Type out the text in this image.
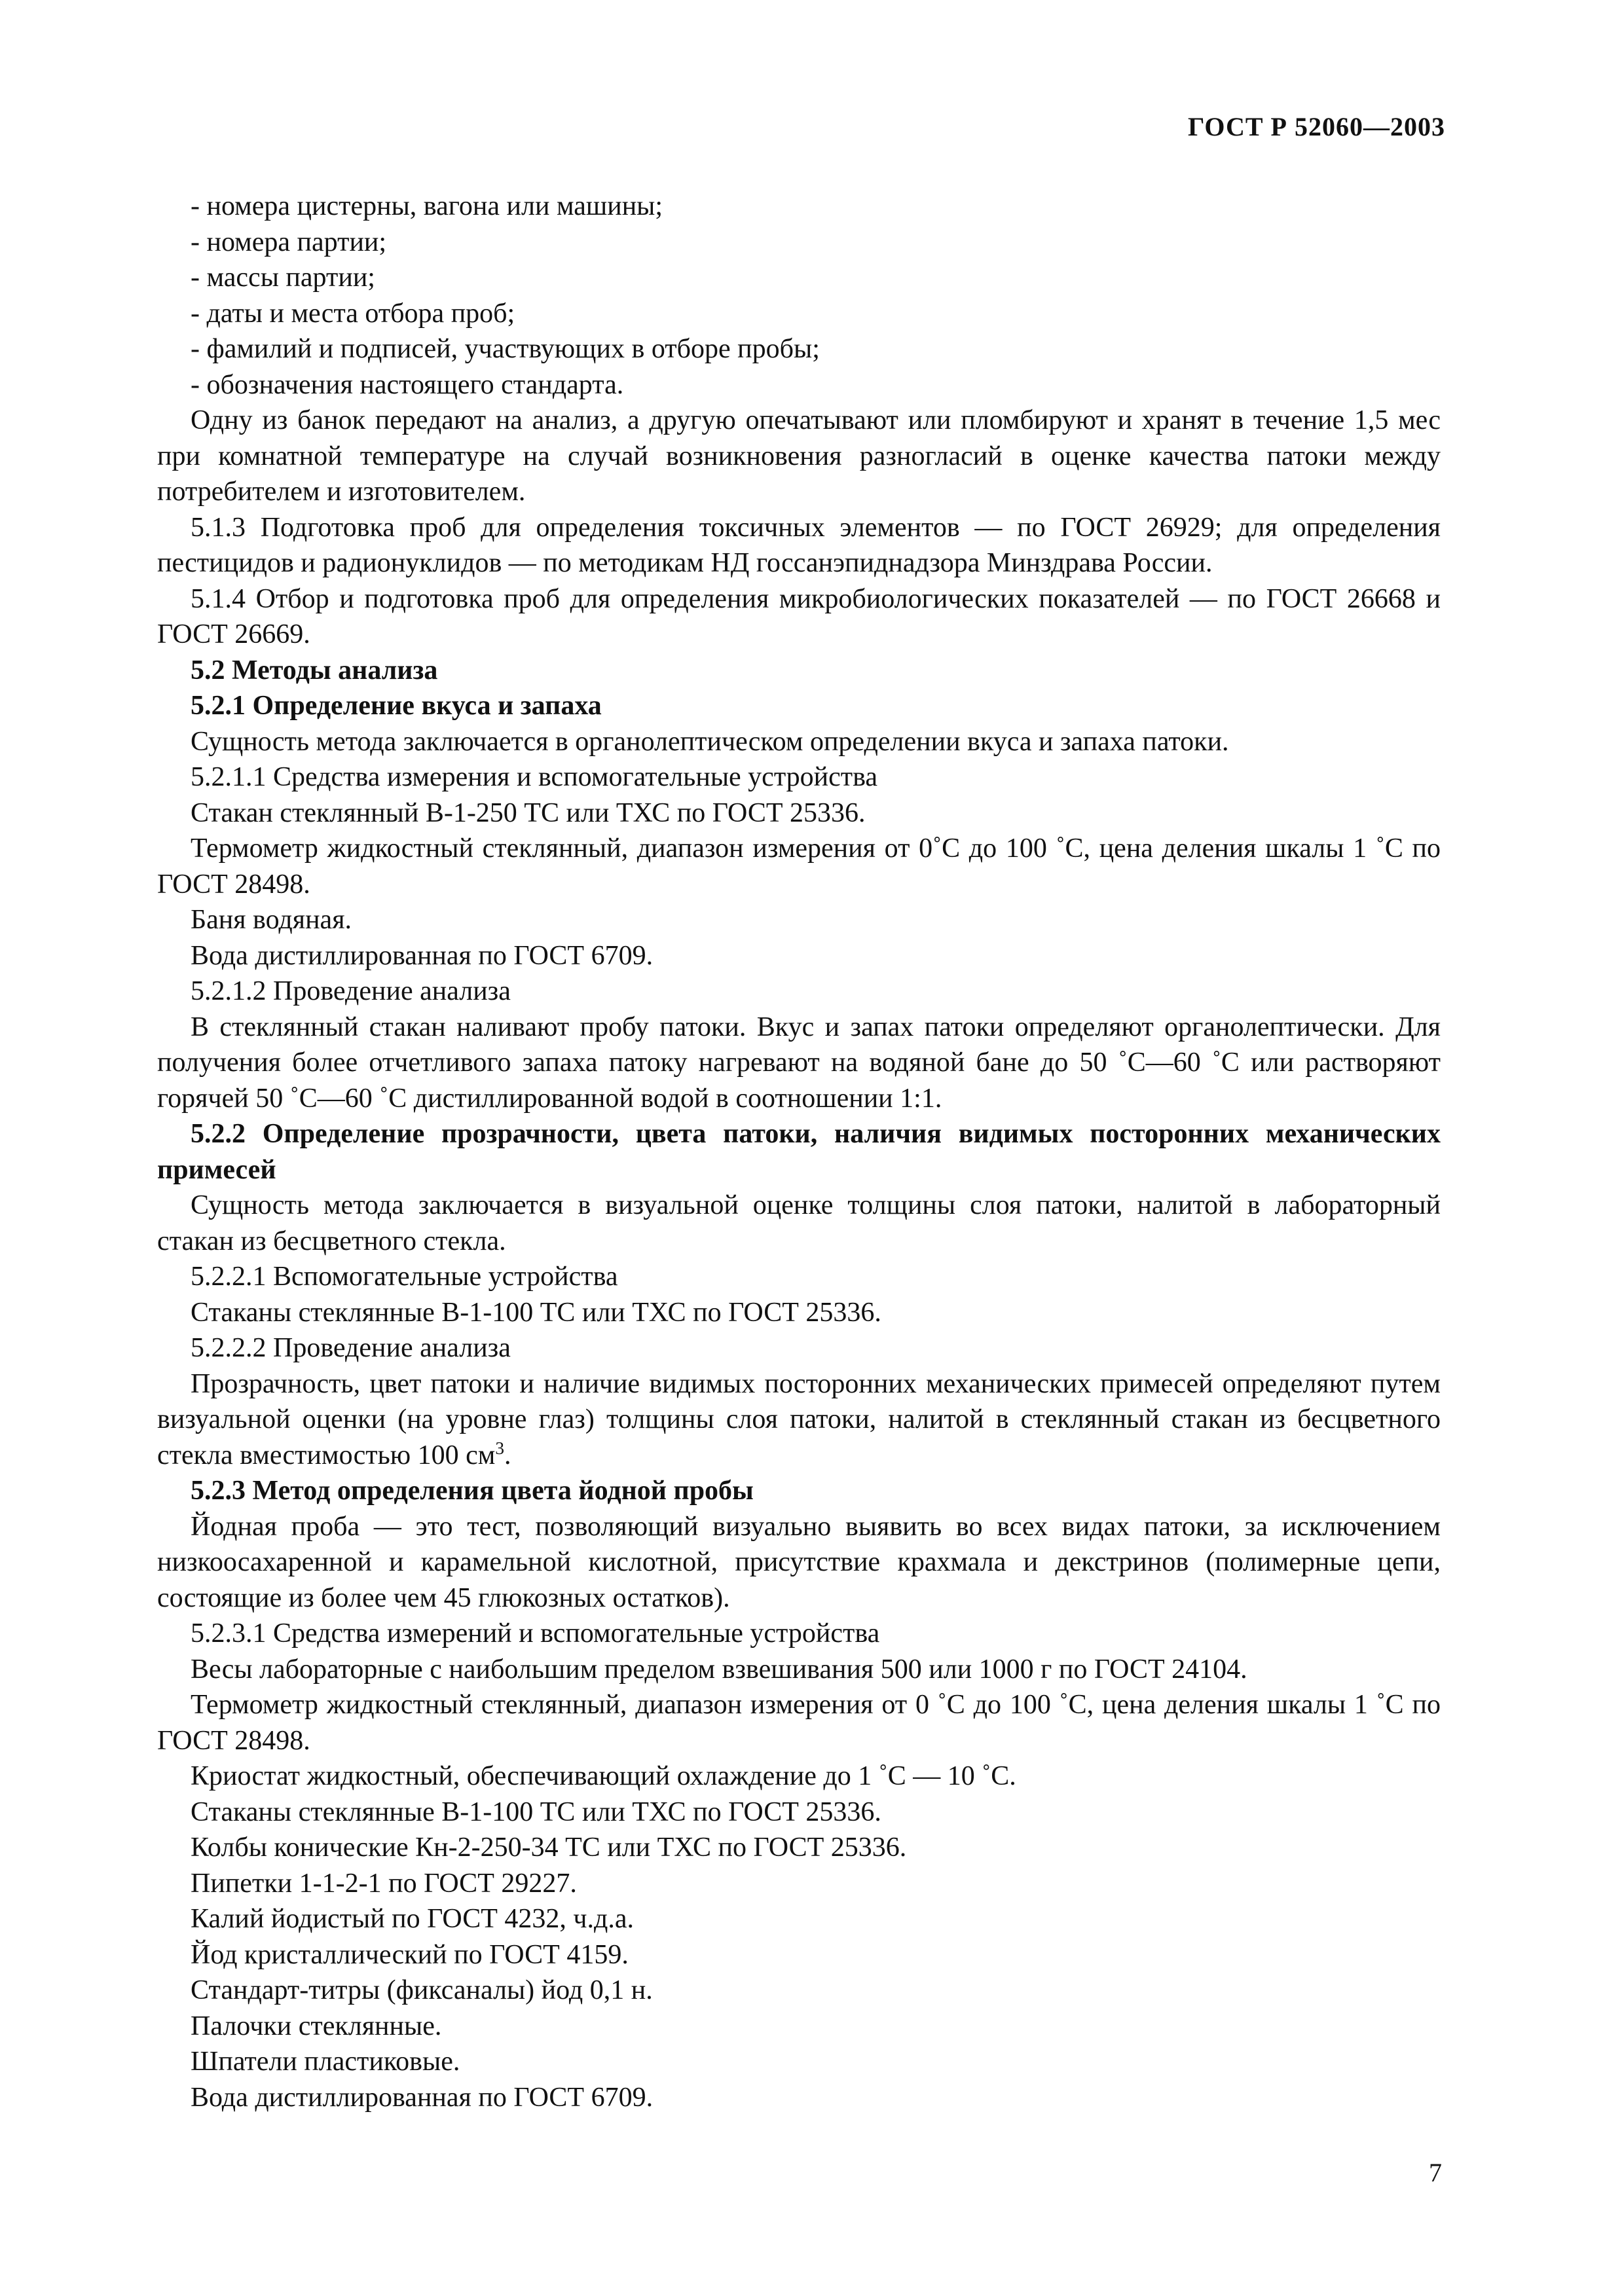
ГОСТ Р 52060—2003

- номера цистерны, вагона или машины;

- номера партии;

- массы партии;

- даты и места отбора проб;

- фамилий и подписей, участвующих в отборе пробы;

- обозначения настоящего стандарта.

Одну из банок передают на анализ, а другую опечатывают или пломбируют и хранят в течение 1,5 мес при комнатной температуре на случай возникновения разногласий в оценке качества патоки между потребителем и изготовителем.

5.1.3 Подготовка проб для определения токсичных элементов — по ГОСТ 26929; для определения пестицидов и радионуклидов — по методикам НД госсанэпиднадзора Минздрава России.

5.1.4 Отбор и подготовка проб для определения микробиологических показателей — по ГОСТ 26668 и ГОСТ 26669.

5.2 Методы анализа

5.2.1 Определение вкуса и запаха

Сущность метода заключается в органолептическом определении вкуса и запаха патоки.

5.2.1.1 Средства измерения и вспомогательные устройства

Стакан стеклянный В-1-250 ТС или ТХС по ГОСТ 25336.

Термометр жидкостный стеклянный, диапазон измерения от 0˚С до 100 ˚С, цена деления шкалы 1 ˚С по ГОСТ 28498.

Баня водяная.

Вода дистиллированная по ГОСТ 6709.

5.2.1.2 Проведение анализа

В стеклянный стакан наливают пробу патоки. Вкус и запах патоки определяют органолептически. Для получения более отчетливого запаха патоку нагревают на водяной бане до 50 ˚С—60 ˚С или растворяют горячей 50 ˚С—60 ˚С дистиллированной водой в соотношении 1:1.

5.2.2 Определение прозрачности, цвета патоки, наличия видимых посторонних механических примесей

Сущность метода заключается в визуальной оценке толщины слоя патоки, налитой в лабораторный стакан из бесцветного стекла.

5.2.2.1 Вспомогательные устройства

Стаканы стеклянные В-1-100 ТС или ТХС по ГОСТ 25336.

5.2.2.2 Проведение анализа

Прозрачность, цвет патоки и наличие видимых посторонних механических примесей определяют путем визуальной оценки (на уровне глаз) толщины слоя патоки, налитой в стеклянный стакан из бесцветного стекла вместимостью 100 $см^3$.

5.2.3 Метод определения цвета йодной пробы

Йодная проба — это тест, позволяющий визуально выявить во всех видах патоки, за исключением низкоосахаренной и карамельной кислотной, присутствие крахмала и декстринов (полимерные цепи, состоящие из более чем 45 глюкозных остатков).

5.2.3.1 Средства измерений и вспомогательные устройства

Весы лабораторные с наибольшим пределом взвешивания 500 или 1000 г по ГОСТ 24104.

Термометр жидкостный стеклянный, диапазон измерения от 0 ˚С до 100 ˚С, цена деления шкалы 1 ˚С по ГОСТ 28498.

Криостат жидкостный, обеспечивающий охлаждение до 1 ˚С — 10 ˚С.

Стаканы стеклянные В-1-100 ТС или ТХС по ГОСТ 25336.

Колбы конические Кн-2-250-34 ТС или ТХС по ГОСТ 25336.

Пипетки 1-1-2-1 по ГОСТ 29227.

Калий йодистый по ГОСТ 4232, ч.д.а.

Йод кристаллический по ГОСТ 4159.

Стандарт-титры (фиксаналы) йод 0,1 н.

Палочки стеклянные.

Шпатели пластиковые.

Вода дистиллированная по ГОСТ 6709.

7
